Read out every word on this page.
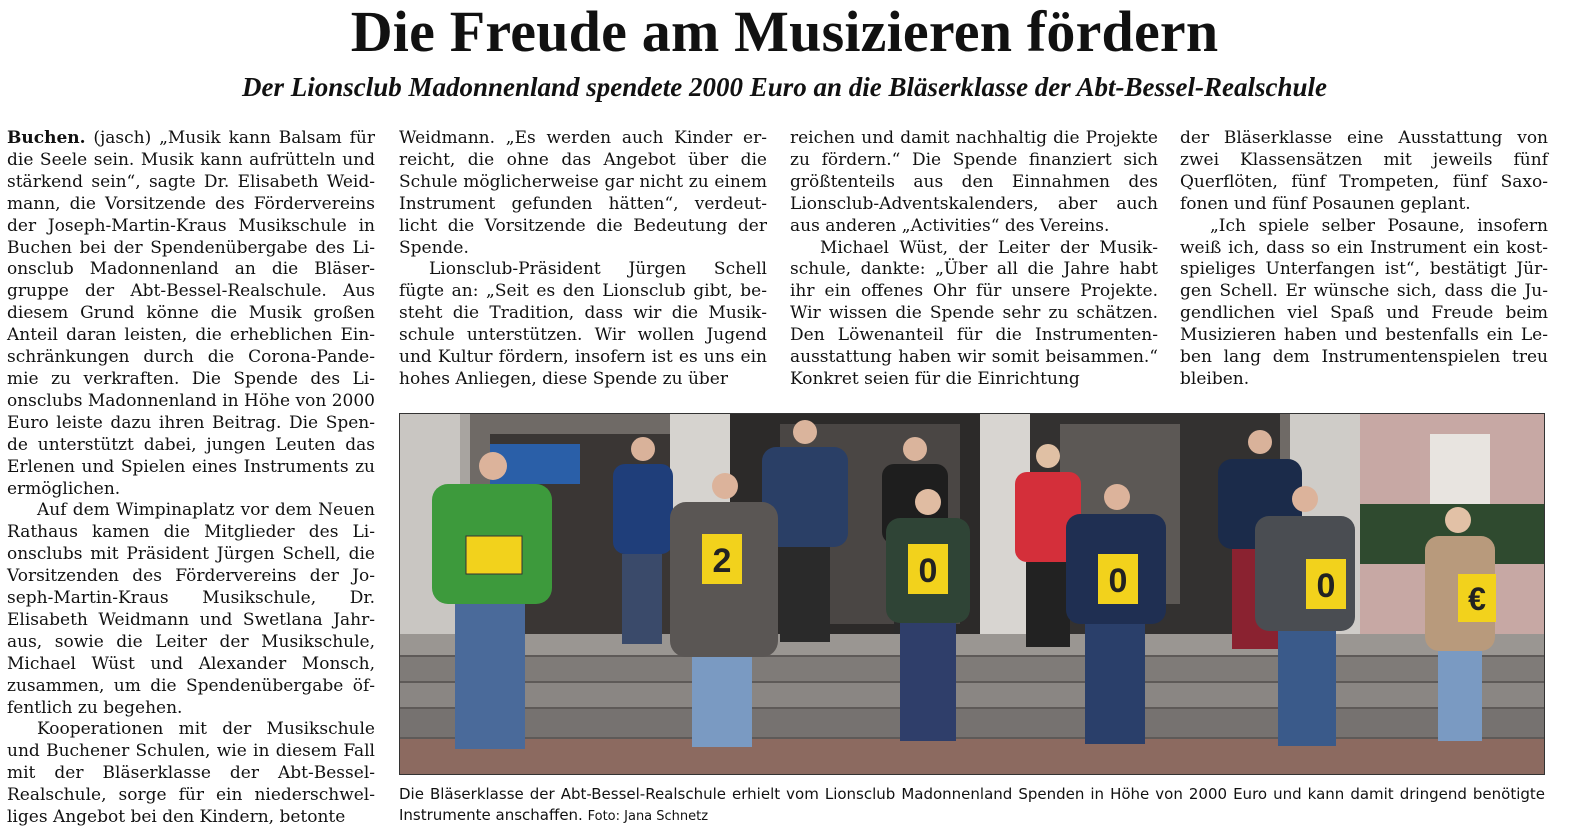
Die Freude am Musizieren fördern
Der Lionsclub Madonnenland spendete 2000 Euro an die Bläserklasse der Abt-Bessel-Realschule

Buchen. (jasch) „Musik kann Balsam für die Seele sein. Musik kann aufrütteln und stärkend sein“, sagte Dr. Elisabeth Weidmann, die Vorsitzende des Fördervereins der Joseph-Martin-Kraus Musikschule in Buchen bei der Spendenübergabe des Lionsclub Madonnenland an die Bläsergruppe der Abt-Bessel-Realschule. Aus diesem Grund könne die Musik großen Anteil daran leisten, die erheblichen Einschränkungen durch die Corona-Pandemie zu verkraften. Die Spende des Lionsclubs Madonnenland in Höhe von 2000 Euro leiste dazu ihren Beitrag. Die Spende unterstützt dabei, jungen Leuten das Erlenen und Spielen eines Instruments zu ermöglichen.

Auf dem Wimpinaplatz vor dem Neuen Rathaus kamen die Mitglieder des Lionsclubs mit Präsident Jürgen Schell, die Vorsitzenden des Fördervereins der Joseph-Martin-Kraus Musikschule, Dr. Elisabeth Weidmann und Swetlana Jahraus, sowie die Leiter der Musikschule, Michael Wüst und Alexander Monsch, zusammen, um die Spendenübergabe öffentlich zu begehen.

Kooperationen mit der Musikschule und Buchener Schulen, wie in diesem Fall mit der Bläserklasse der Abt-Bessel-Realschule, sorge für ein niederschwelliges Angebot bei den Kindern, betonte

Weidmann. „Es werden auch Kinder erreicht, die ohne das Angebot über die Schule möglicherweise gar nicht zu einem Instrument gefunden hätten“, verdeutlicht die Vorsitzende die Bedeutung der Spende.

Lionsclub-Präsident Jürgen Schell fügte an: „Seit es den Lionsclub gibt, besteht die Tradition, dass wir die Musikschule unterstützen. Wir wollen Jugend und Kultur fördern, insofern ist es uns ein hohes Anliegen, diese Spende zu über

reichen und damit nachhaltig die Projekte zu fördern.“ Die Spende finanziert sich größtenteils aus den Einnahmen des Lionsclub-Adventskalenders, aber auch aus anderen „Activities“ des Vereins.

Michael Wüst, der Leiter der Musikschule, dankte: „Über all die Jahre habt ihr ein offenes Ohr für unsere Projekte. Wir wissen die Spende sehr zu schätzen. Den Löwenanteil für die Instrumentenausstattung haben wir somit beisammen.“ Konkret seien für die Einrichtung

der Bläserklasse eine Ausstattung von zwei Klassensätzen mit jeweils fünf Querflöten, fünf Trompeten, fünf Saxofonen und fünf Posaunen geplant.

„Ich spiele selber Posaune, insofern weiß ich, dass so ein Instrument ein kostspieliges Unterfangen ist“, bestätigt Jürgen Schell. Er wünsche sich, dass die Jugendlichen viel Spaß und Freude beim Musizieren haben und bestenfalls ein Leben lang dem Instrumentenspielen treu bleiben.

2	0	0	0	€
Die Bläserklasse der Abt-Bessel-Realschule erhielt vom Lionsclub Madonnenland Spenden in Höhe von 2000 Euro und kann damit dringend benötigte Instrumente anschaffen. Foto: Jana Schnetz
